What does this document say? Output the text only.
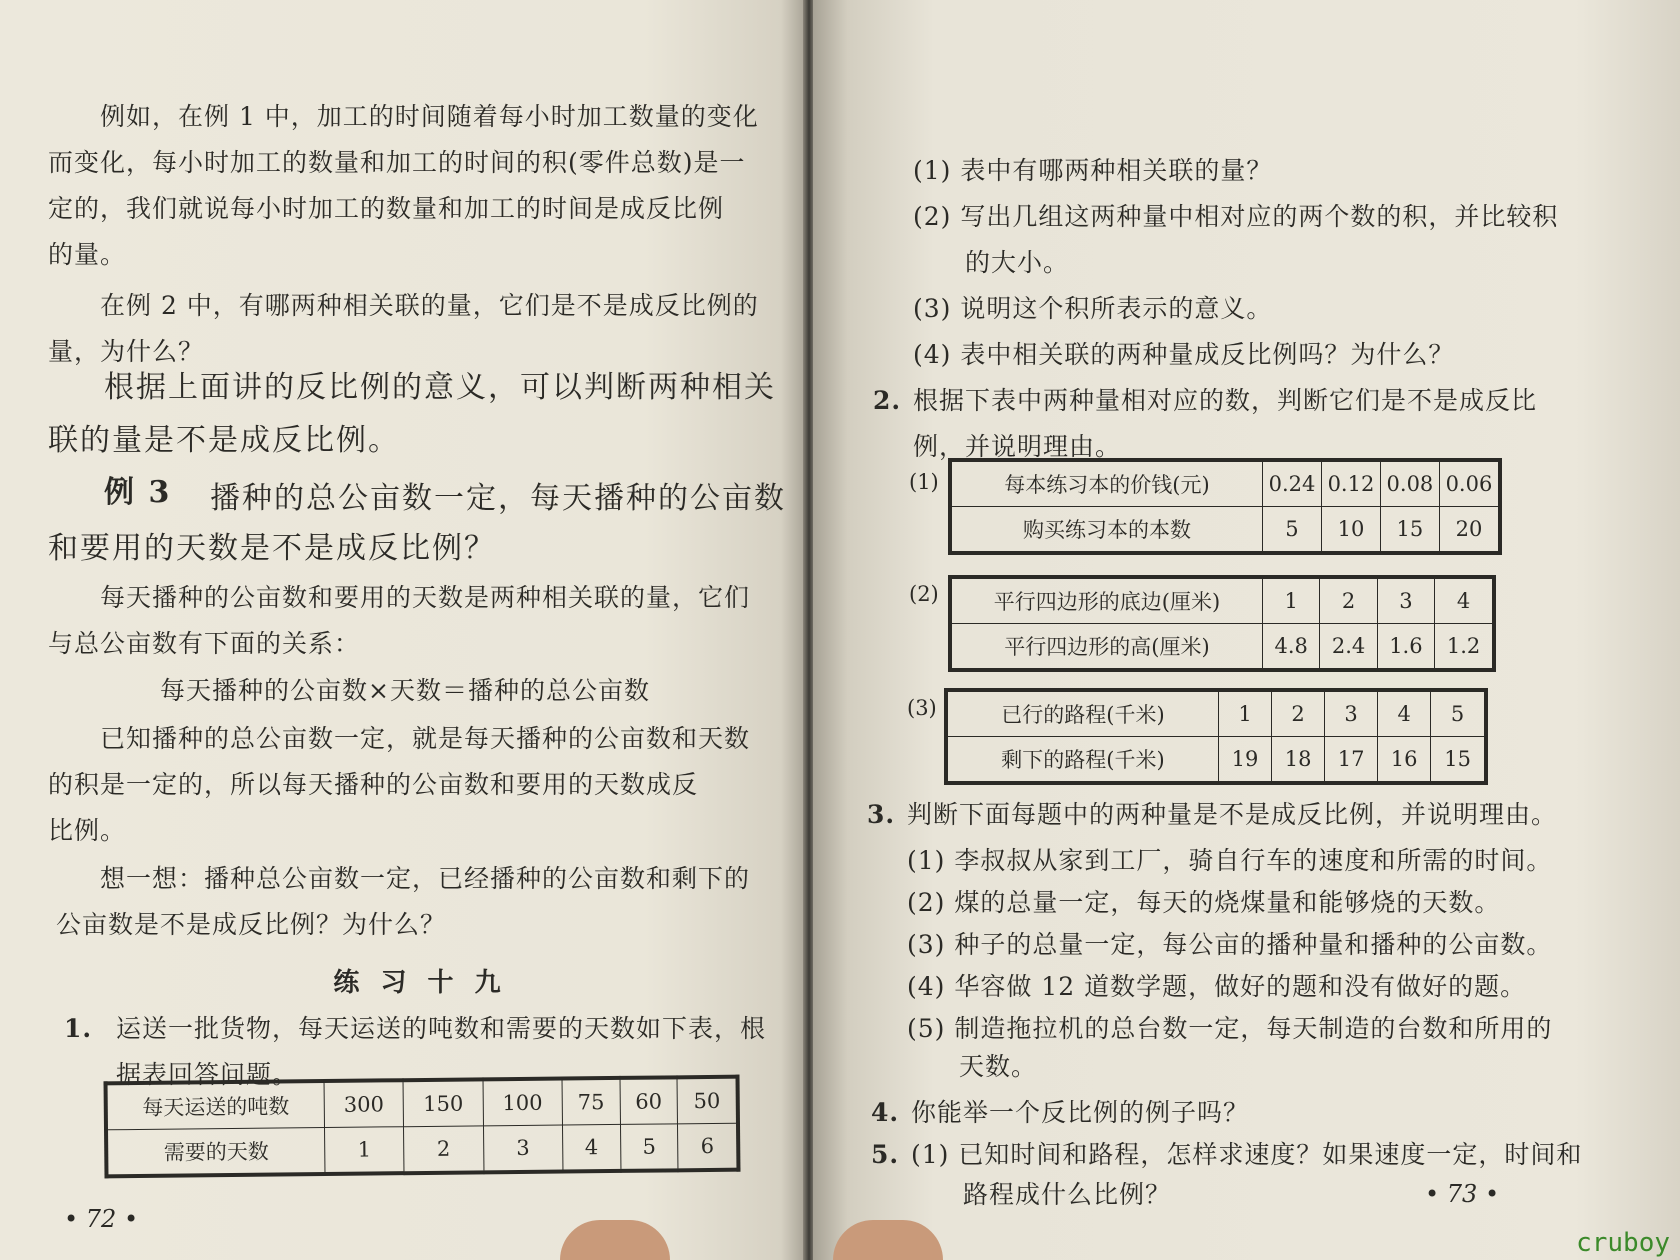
例如，在例 1 中，加工的时间随着每小时加工数量的变化
而变化，每小时加工的数量和加工的时间的积(零件总数)是一
定的，我们就说每小时加工的数量和加工的时间是成反比例
的量。
在例 2 中，有哪两种相关联的量，它们是不是成反比例的
量，为什么？
根据上面讲的反比例的意义，可以判断两种相关
联的量是不是成反比例。
例 3 播种的总公亩数一定，每天播种的公亩数
和要用的天数是不是成反比例？
每天播种的公亩数和要用的天数是两种相关联的量，它们
与总公亩数有下面的关系：
每天播种的公亩数×天数＝播种的总公亩数
已知播种的总公亩数一定，就是每天播种的公亩数和天数
的积是一定的，所以每天播种的公亩数和要用的天数成反
比例。
想一想：播种总公亩数一定，已经播种的公亩数和剩下的
公亩数是不是成反比例？为什么？
练 习 十 九
1. 运送一批货物，每天运送的吨数和需要的天数如下表，根
据表回答问题。
每天运送的吨数	300	150	100	75	60	50
需要的天数	1	2	3	4	5	6
• 72 •
(1) 表中有哪两种相关联的量？
(2) 写出几组这两种量中相对应的两个数的积，并比较积
的大小。
(3) 说明这个积所表示的意义。
(4) 表中相关联的两种量成反比例吗？为什么？
2. 根据下表中两种量相对应的数，判断它们是不是成反比
例，并说明理由。
(1)	每本练习本的价钱(元)	0.24	0.12	0.08	0.06
购买练习本的本数	5	10	15	20
(2)	平行四边形的底边(厘米)	1	2	3	4
平行四边形的高(厘米)	4.8	2.4	1.6	1.2
(3)	已行的路程(千米)	1	2	3	4	5
剩下的路程(千米)	19	18	17	16	15
3. 判断下面每题中的两种量是不是成反比例，并说明理由。
(1) 李叔叔从家到工厂，骑自行车的速度和所需的时间。
(2) 煤的总量一定，每天的烧煤量和能够烧的天数。
(3) 种子的总量一定，每公亩的播种量和播种的公亩数。
(4) 华容做 12 道数学题，做好的题和没有做好的题。
(5) 制造拖拉机的总台数一定，每天制造的台数和所用的
天数。
4. 你能举一个反比例的例子吗？
5. (1) 已知时间和路程，怎样求速度？如果速度一定，时间和
路程成什么比例？	• 73 •
cruboy
